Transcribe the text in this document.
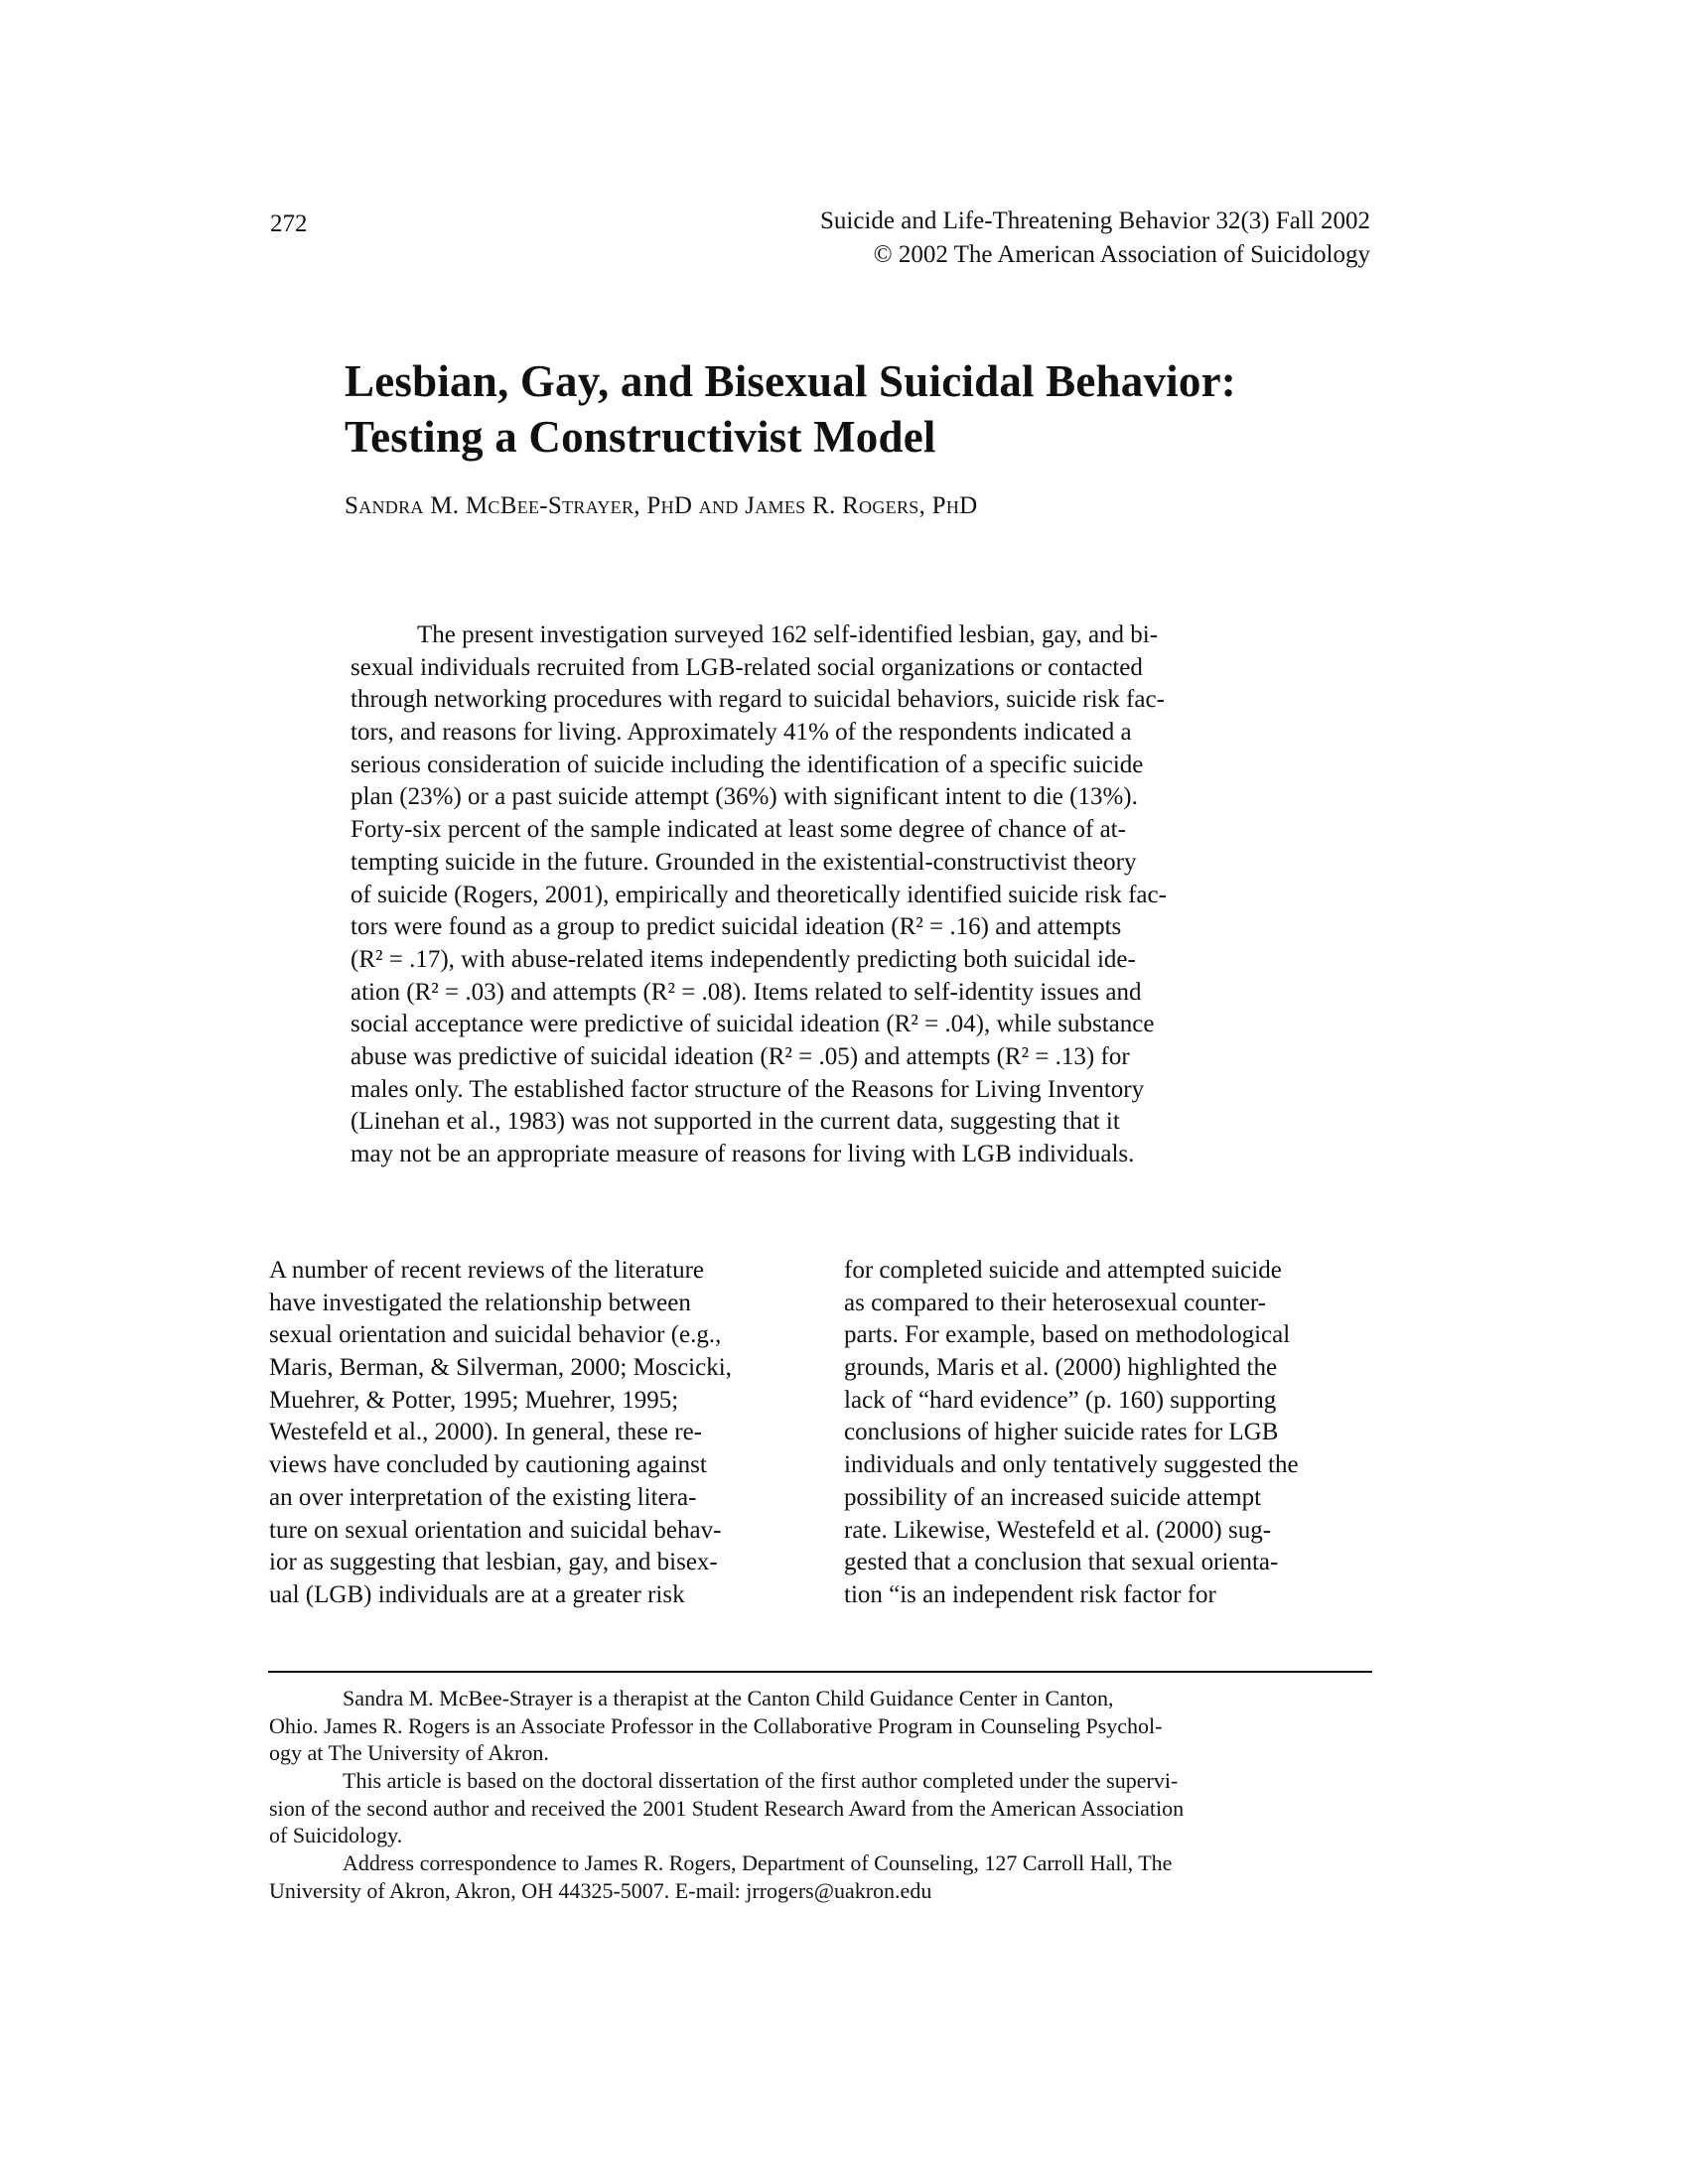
272	Suicide and Life-Threatening Behavior 32(3) Fall 2002
© 2002 The American Association of Suicidology
Lesbian, Gay, and Bisexual Suicidal Behavior:
Testing a Constructivist Model
Sandra M. McBee-Strayer, PhD and James R. Rogers, PhD
The present investigation surveyed 162 self-identified lesbian, gay, and bi-
sexual individuals recruited from LGB-related social organizations or contacted
through networking procedures with regard to suicidal behaviors, suicide risk fac-
tors, and reasons for living. Approximately 41% of the respondents indicated a
serious consideration of suicide including the identification of a specific suicide
plan (23%) or a past suicide attempt (36%) with significant intent to die (13%).
Forty-six percent of the sample indicated at least some degree of chance of at-
tempting suicide in the future. Grounded in the existential-constructivist theory
of suicide (Rogers, 2001), empirically and theoretically identified suicide risk fac-
tors were found as a group to predict suicidal ideation (R² = .16) and attempts
(R² = .17), with abuse-related items independently predicting both suicidal ide-
ation (R² = .03) and attempts (R² = .08). Items related to self-identity issues and
social acceptance were predictive of suicidal ideation (R² = .04), while substance
abuse was predictive of suicidal ideation (R² = .05) and attempts (R² = .13) for
males only. The established factor structure of the Reasons for Living Inventory
(Linehan et al., 1983) was not supported in the current data, suggesting that it
may not be an appropriate measure of reasons for living with LGB individuals.
A number of recent reviews of the literature
have investigated the relationship between
sexual orientation and suicidal behavior (e.g.,
Maris, Berman, & Silverman, 2000; Moscicki,
Muehrer, & Potter, 1995; Muehrer, 1995;
Westefeld et al., 2000). In general, these re-
views have concluded by cautioning against
an over interpretation of the existing litera-
ture on sexual orientation and suicidal behav-
ior as suggesting that lesbian, gay, and bisex-
ual (LGB) individuals are at a greater risk
for completed suicide and attempted suicide
as compared to their heterosexual counter-
parts. For example, based on methodological
grounds, Maris et al. (2000) highlighted the
lack of “hard evidence” (p. 160) supporting
conclusions of higher suicide rates for LGB
individuals and only tentatively suggested the
possibility of an increased suicide attempt
rate. Likewise, Westefeld et al. (2000) sug-
gested that a conclusion that sexual orienta-
tion “is an independent risk factor for
Sandra M. McBee-Strayer is a therapist at the Canton Child Guidance Center in Canton,
Ohio. James R. Rogers is an Associate Professor in the Collaborative Program in Counseling Psychol-
ogy at The University of Akron.
This article is based on the doctoral dissertation of the first author completed under the supervi-
sion of the second author and received the 2001 Student Research Award from the American Association
of Suicidology.
Address correspondence to James R. Rogers, Department of Counseling, 127 Carroll Hall, The
University of Akron, Akron, OH 44325-5007. E-mail: jrrogers@uakron.edu
